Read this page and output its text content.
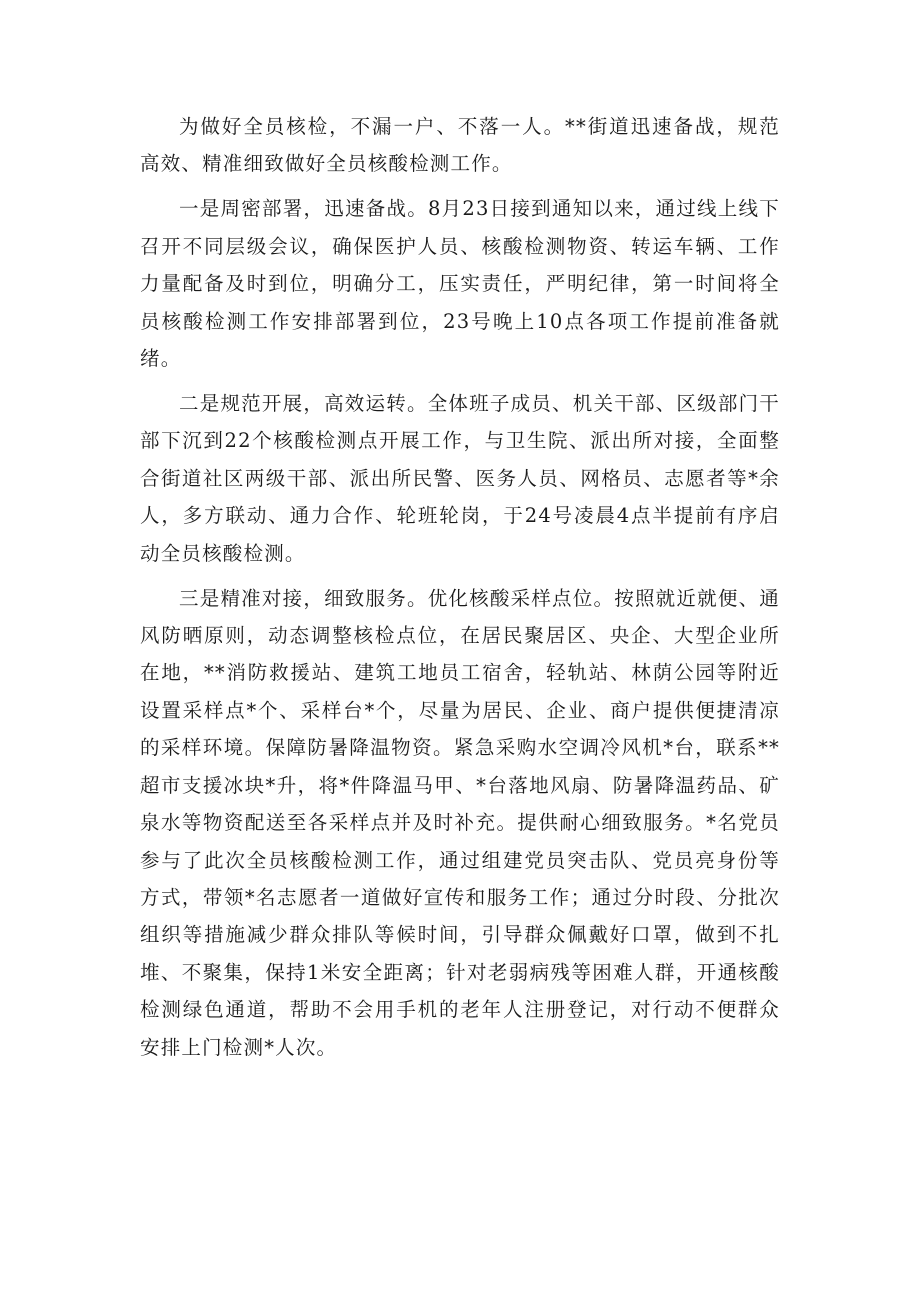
为做好全员核检，不漏一户、不落一人。**街道迅速备战，规范高效、精准细致做好全员核酸检测工作。

一是周密部署，迅速备战。8月23日接到通知以来，通过线上线下召开不同层级会议，确保医护人员、核酸检测物资、转运车辆、工作力量配备及时到位，明确分工，压实责任，严明纪律，第一时间将全员核酸检测工作安排部署到位，23号晚上10点各项工作提前准备就绪。

二是规范开展，高效运转。全体班子成员、机关干部、区级部门干部下沉到22个核酸检测点开展工作，与卫生院、派出所对接，全面整合街道社区两级干部、派出所民警、医务人员、网格员、志愿者等*余人，多方联动、通力合作、轮班轮岗，于24号凌晨4点半提前有序启动全员核酸检测。

三是精准对接，细致服务。优化核酸采样点位。按照就近就便、通风防晒原则，动态调整核检点位，在居民聚居区、央企、大型企业所在地，**消防救援站、建筑工地员工宿舍，轻轨站、林荫公园等附近设置采样点*个、采样台*个，尽量为居民、企业、商户提供便捷清凉的采样环境。保障防暑降温物资。紧急采购水空调冷风机*台，联系**超市支援冰块*升，将*件降温马甲、*台落地风扇、防暑降温药品、矿泉水等物资配送至各采样点并及时补充。提供耐心细致服务。*名党员参与了此次全员核酸检测工作，通过组建党员突击队、党员亮身份等方式，带领*名志愿者一道做好宣传和服务工作；通过分时段、分批次组织等措施减少群众排队等候时间，引导群众佩戴好口罩，做到不扎堆、不聚集，保持1米安全距离；针对老弱病残等困难人群，开通核酸检测绿色通道，帮助不会用手机的老年人注册登记，对行动不便群众安排上门检测*人次。
